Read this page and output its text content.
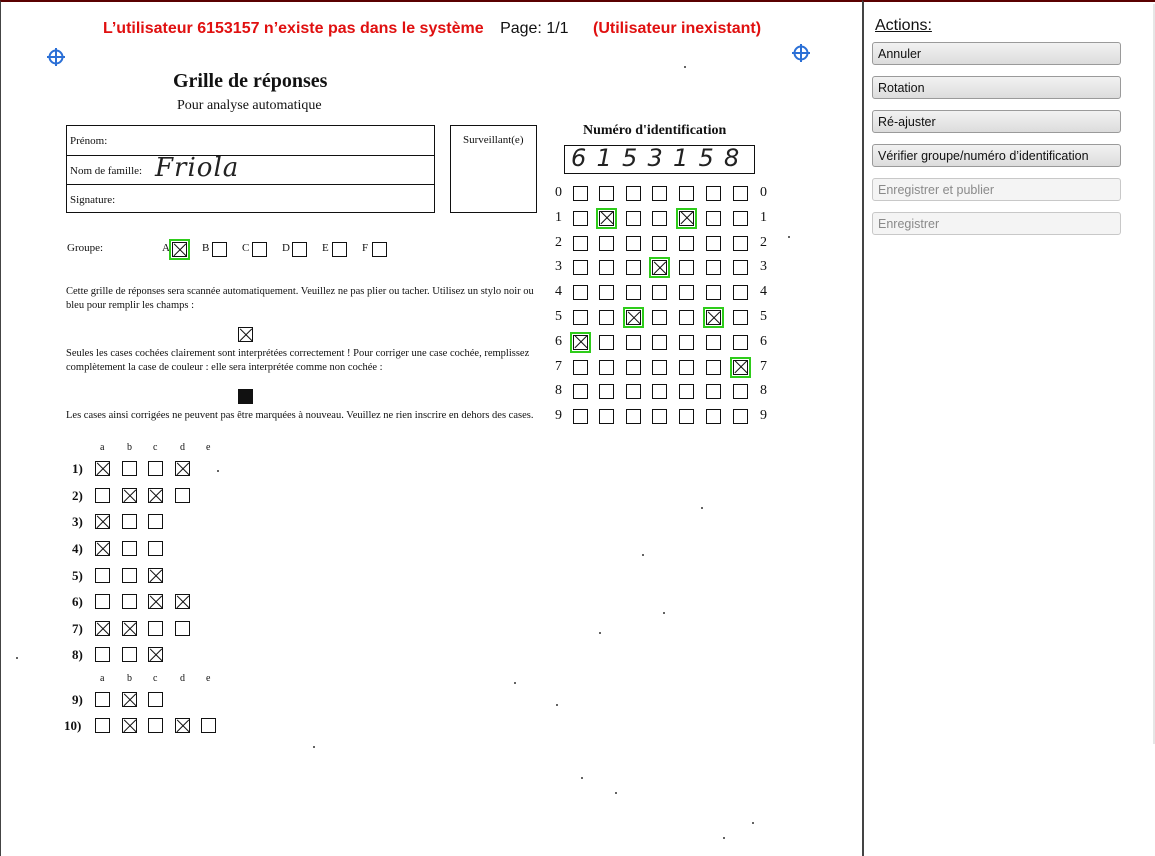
L’utilisateur 6153157 n’existe pas dans le système Page: 1/1 (Utilisateur inexistant)
Grille de réponses
Pour analyse automatique
Prénom:
Nom de famille: Friola
Signature:
Surveillant(e)
Groupe:	A	B	C	D	E	F
Cette grille de réponses sera scannée automatiquement. Veuillez ne pas plier ou tacher. Utilisez un stylo noir ou bleu pour remplir les champs :
Seules les cases cochées clairement sont interprétées correctement ! Pour corriger une case cochée, remplissez complètement la case de couleur : elle sera interprétée comme non cochée :
Les cases ainsi corrigées ne peuvent pas être marquées à nouveau. Veuillez ne rien inscrire en dehors des cases.
a b c d e
1)
2)
3)
4)
5)
6)
7)
8)
a b c d e
9)
10)
Numéro d'identification
6 1 5 3 1 5 8
0	0
1	1
2	2
3	3
4	4
5	5
6	6
7	7
8	8
9	9
Actions:
Annuler
Rotation
Ré-ajuster
Vérifier groupe/numéro d’identification
Enregistrer et publier
Enregistrer
